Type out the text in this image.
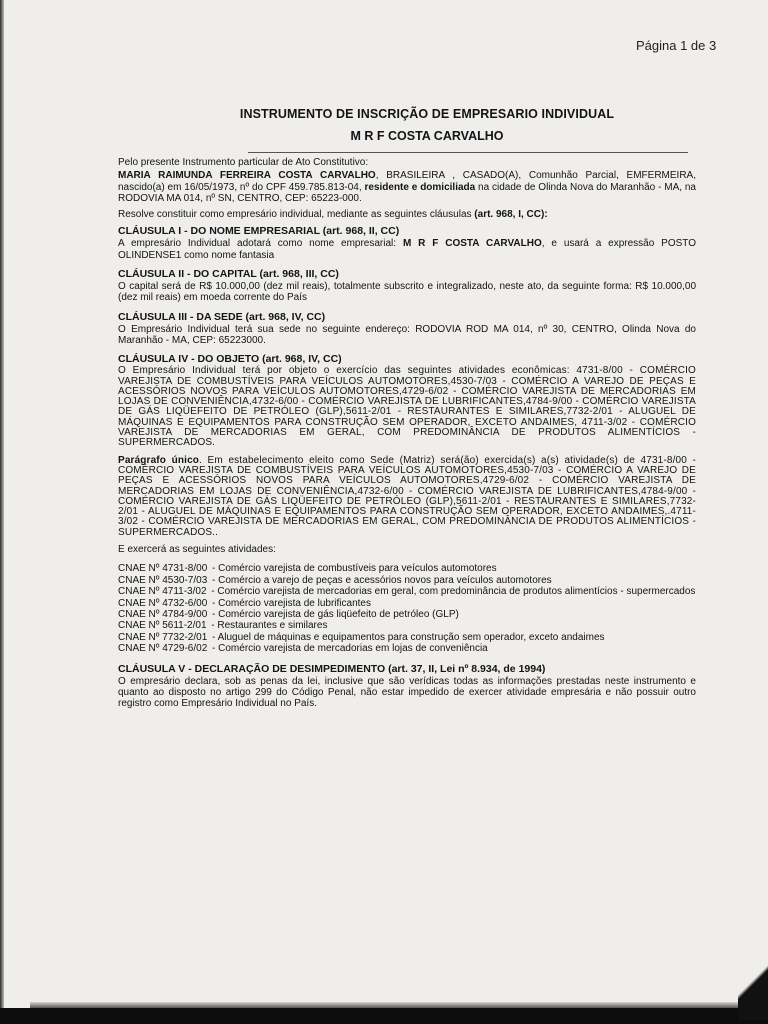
Página 1 de 3
INSTRUMENTO DE INSCRIÇÃO DE EMPRESARIO INDIVIDUAL
M R F COSTA CARVALHO

Pelo presente Instrumento particular de Ato Constitutivo:

MARIA RAIMUNDA FERREIRA COSTA CARVALHO, BRASILEIRA , CASADO(A), Comunhão Parcial, EMFERMEIRA, nascido(a) em 16/05/1973, nº do CPF 459.785.813-04, residente e domiciliada na cidade de Olinda Nova do Maranhão - MA, na RODOVIA MA 014, nº SN, CENTRO, CEP: 65223-000.

Resolve constituir como empresário individual, mediante as seguintes cláusulas (art. 968, I, CC):

CLÁUSULA I - DO NOME EMPRESARIAL (art. 968, II, CC)
A empresário Individual adotará como nome empresarial: M R F COSTA CARVALHO, e usará a expressão POSTO OLINDENSE1 como nome fantasia
CLÁUSULA II - DO CAPITAL (art. 968, III, CC)
O capital será de R$ 10.000,00 (dez mil reais), totalmente subscrito e integralizado, neste ato, da seguinte forma: R$ 10.000,00 (dez mil reais) em moeda corrente do País
CLÁUSULA III - DA SEDE (art. 968, IV, CC)
O Empresário Individual terá sua sede no seguinte endereço: RODOVIA ROD MA 014, nº 30, CENTRO, Olinda Nova do Maranhão - MA, CEP: 65223000.
CLÁUSULA IV - DO OBJETO (art. 968, IV, CC)
O Empresário Individual terá por objeto o exercício das seguintes atividades econômicas: 4731-8/00 - COMÉRCIO VAREJISTA DE COMBUSTÍVEIS PARA VEÍCULOS AUTOMOTORES,4530-7/03 - COMÉRCIO A VAREJO DE PEÇAS E ACESSÓRIOS NOVOS PARA VEÍCULOS AUTOMOTORES,4729-6/02 - COMÉRCIO VAREJISTA DE MERCADORIAS EM LOJAS DE CONVENIÊNCIA,4732-6/00 - COMÉRCIO VAREJISTA DE LUBRIFICANTES,4784-9/00 - COMÉRCIO VAREJISTA DE GÁS LIQÜEFEITO DE PETRÓLEO (GLP),5611-2/01 - RESTAURANTES E SIMILARES,7732-2/01 - ALUGUEL DE MÁQUINAS E EQUIPAMENTOS PARA CONSTRUÇÃO SEM OPERADOR, EXCETO ANDAIMES, 4711-3/02 - COMÉRCIO VAREJISTA DE MERCADORIAS EM GERAL, COM PREDOMINÂNCIA DE PRODUTOS ALIMENTÍCIOS - SUPERMERCADOS.

Parágrafo único. Em estabelecimento eleito como Sede (Matriz) será(ão) exercida(s) a(s) atividade(s) de 4731-8/00 - COMÉRCIO VAREJISTA DE COMBUSTÍVEIS PARA VEÍCULOS AUTOMOTORES,4530-7/03 - COMÉRCIO A VAREJO DE PEÇAS E ACESSÓRIOS NOVOS PARA VEÍCULOS AUTOMOTORES,4729-6/02 - COMÉRCIO VAREJISTA DE MERCADORIAS EM LOJAS DE CONVENIÊNCIA,4732-6/00 - COMÉRCIO VAREJISTA DE LUBRIFICANTES,4784-9/00 - COMÉRCIO VAREJISTA DE GÁS LIQÜEFEITO DE PETRÓLEO (GLP),5611-2/01 - RESTAURANTES E SIMILARES,7732-2/01 - ALUGUEL DE MÁQUINAS E EQUIPAMENTOS PARA CONSTRUÇÃO SEM OPERADOR, EXCETO ANDAIMES,.4711-3/02 - COMÉRCIO VAREJISTA DE MERCADORIAS EM GERAL, COM PREDOMINÂNCIA DE PRODUTOS ALIMENTÍCIOS - SUPERMERCADOS..

E exercerá as seguintes atividades:
CNAE Nº 4731-8/00 - Comércio varejista de combustíveis para veículos automotores
CNAE Nº 4530-7/03 - Comércio a varejo de peças e acessórios novos para veículos automotores
CNAE Nº 4711-3/02 - Comércio varejista de mercadorias em geral, com predominância de produtos alimentícios - supermercados
CNAE Nº 4732-6/00 - Comércio varejista de lubrificantes
CNAE Nº 4784-9/00 - Comércio varejista de gás liqüefeito de petróleo (GLP)
CNAE Nº 5611-2/01 - Restaurantes e similares
CNAE Nº 7732-2/01 - Aluguel de máquinas e equipamentos para construção sem operador, exceto andaimes
CNAE Nº 4729-6/02 - Comércio varejista de mercadorias em lojas de conveniência
CLÁUSULA V - DECLARAÇÃO DE DESIMPEDIMENTO (art. 37, II, Lei nº 8.934, de 1994)
O empresário declara, sob as penas da lei, inclusive que são verídicas todas as informações prestadas neste instrumento e quanto ao disposto no artigo 299 do Código Penal, não estar impedido de exercer atividade empresária e não possuir outro registro como Empresário Individual no País.
